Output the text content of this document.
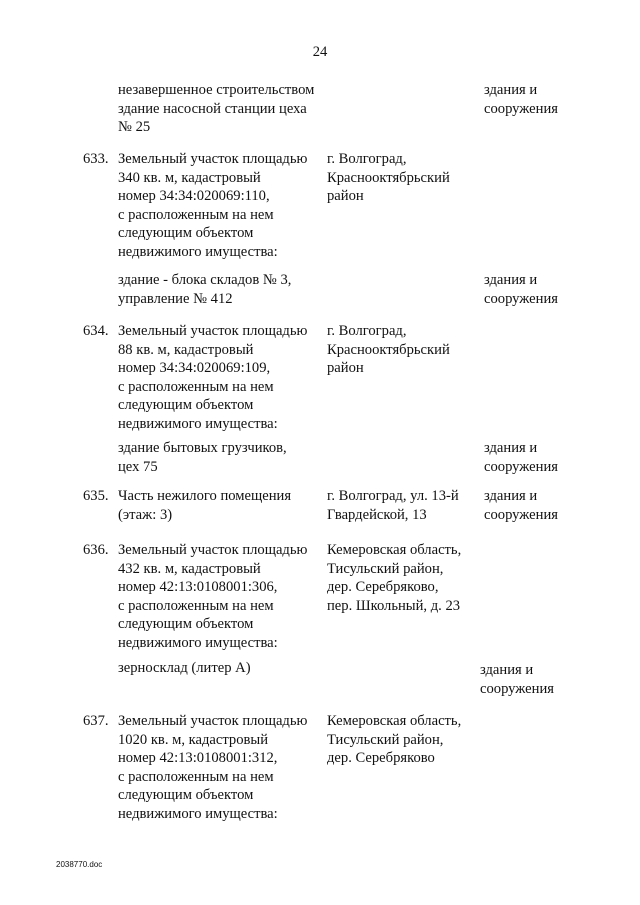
24

незавершенное строительством
здание насосной станции цеха
№ 25

здания и
сооружения

633. Земельный участок площадью
340 кв. м, кадастровый
номер 34:34:020069:110,
с расположенным на нем
следующим объектом
недвижимого имущества:

г. Волгоград,
Краснооктябрьский
район

здание - блока складов № 3,
управление № 412

здания и
сооружения

634. Земельный участок площадью
88 кв. м, кадастровый
номер 34:34:020069:109,
с расположенным на нем
следующим объектом
недвижимого имущества:

г. Волгоград,
Краснооктябрьский
район

здание бытовых грузчиков,
цех 75

здания и
сооружения

635. Часть нежилого помещения
(этаж: 3)

г. Волгоград, ул. 13-й
Гвардейской, 13

здания и
сооружения

636. Земельный участок площадью
432 кв. м, кадастровый
номер 42:13:0108001:306,
с расположенным на нем
следующим объектом
недвижимого имущества:

Кемеровская область,
Тисульский район,
дер. Серебряково,
пер. Школьный, д. 23

зерносклад (литер А)	здания и
сооружения

637. Земельный участок площадью
1020 кв. м, кадастровый
номер 42:13:0108001:312,
с расположенным на нем
следующим объектом
недвижимого имущества:

Кемеровская область,
Тисульский район,
дер. Серебряково

2038770.doc
